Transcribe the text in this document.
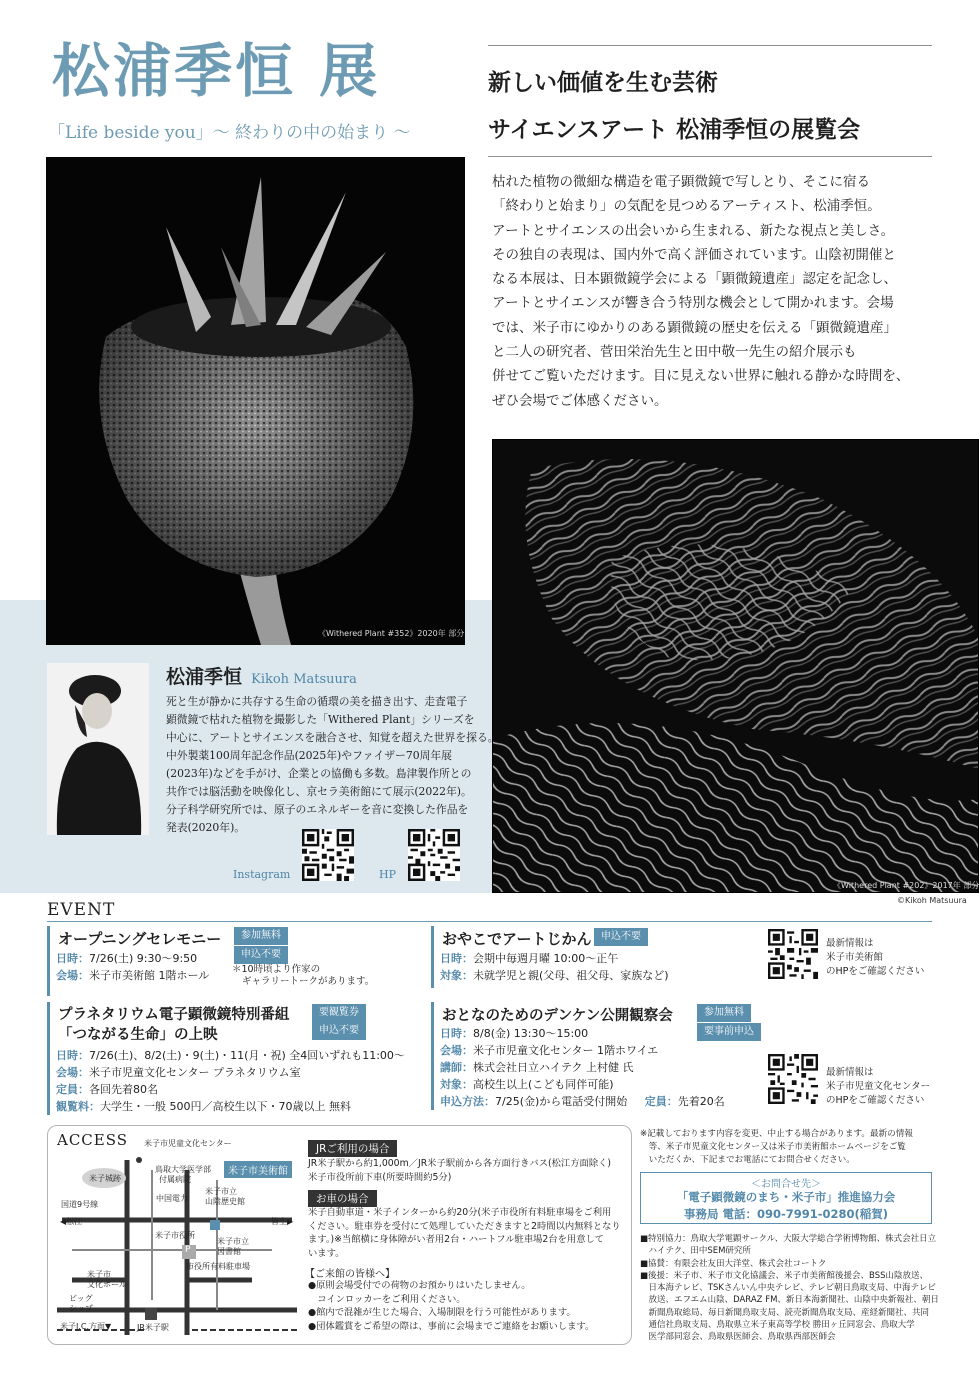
松浦季恒 展
「Life beside you」〜 終わりの中の始まり 〜
新しい価値を生む芸術
サイエンスアート 松浦季恒の展覧会
枯れた植物の微細な構造を電子顕微鏡で写しとり、そこに宿る
「終わりと始まり」の気配を見つめるアーティスト、松浦季恒。
アートとサイエンスの出会いから生まれる、新たな視点と美しさ。
その独自の表現は、国内外で高く評価されています。山陰初開催と
なる本展は、日本顕微鏡学会による「顕微鏡遺産」認定を記念し、
アートとサイエンスが響き合う特別な機会として開かれます。会場
では、米子市にゆかりのある顕微鏡の歴史を伝える「顕微鏡遺産」
と二人の研究者、菅田栄治先生と田中敬一先生の紹介展示も
併せてご覧いただけます。目に見えない世界に触れる静かな時間を、
ぜひ会場でご体感ください。
《Withered Plant #352》2020年 部分
《Withered Plant #202》2017年 部分
©Kikoh Matsuura
松浦季恒 Kikoh Matsuura
死と生が静かに共存する生命の循環の美を描き出す、走査電子
顕微鏡で枯れた植物を撮影した「Withered Plant」シリーズを
中心に、アートとサイエンスを融合させ、知覚を超えた世界を探る。
中外製薬100周年記念作品(2025年)やファイザー70周年展
(2023年)などを手がけ、企業との協働も多数。島津製作所との
共作では脳活動を映像化し、京セラ美術館にて展示(2022年)。
分子科学研究所では、原子のエネルギーを音に変換した作品を
発表(2020年)。
Instagram	HP
EVENT
オープニングセレモニー	参加無料
申込不要
日時：7/26(土) 9:30〜9:50
会場：米子市美術館 1階ホール ＊10時頃より作家の
ギャラリートークがあります。
おやこでアートじかん 申込不要
日時：会期中毎週月曜 10:00〜正午
対象：未就学児と親(父母、祖父母、家族など)
最新情報は
米子市美術館
のHPをご確認ください
プラネタリウム電子顕微鏡特別番組
「つながる生命」の上映
要観覧券
申込不要
日時：7/26(土)、8/2(土)・9(土)・11(月・祝) 全4回いずれも11:00〜
会場：米子市児童文化センター プラネタリウム室
定員：各回先着80名
観覧料：大学生・一般 500円／高校生以下・70歳以上 無料
おとなのためのデンケン公開観察会	参加無料
要事前申込
日時：8/8(金) 13:30〜15:00
会場：米子市児童文化センター 1階ホワイエ
講師：株式会社日立ハイテク 上村健 氏
対象：高校生以上(こども同伴可能)
申込方法：7/25(金)から電話受付開始 定員：先着20名
最新情報は
米子市児童文化センター
のHPをご確認ください
ACCESS 米子市児童文化センター
米子城跡
鳥取大学医学部
付属病院
中国電力
米子市美術館
米子市立
山陰歴史館
国道9号線
◀松江	皆生▶
米子市役所
米子市立
図書館
P
市役所有料駐車場
米子市
文化ホール
ビッグ
シップ
米子I.C.方面▼	JR米子駅
JRご利用の場合
JR米子駅から約1,000m／JR米子駅前から各方面行きバス(松江方面除く)
米子市役所前下車(所要時間約5分)
お車の場合
米子自動車道・米子インターから約20分(米子市役所有料駐車場をご利用
ください。駐車券を受付にて処理していただきますと2時間以内無料となり
ます。)※当館横に身体障がい者用2台・ハートフル駐車場2台を用意して
います。
【ご来館の皆様へ】
●原則会場受付での荷物のお預かりはいたしません。
　コインロッカーをご利用ください。
●館内で混雑が生じた場合、入場制限を行う可能性があります。
●団体鑑賞をご希望の際は、事前に会場までご連絡をお願いします。
※記載しております内容を変更、中止する場合があります。最新の情報
　等、米子市児童文化センター又は米子市美術館ホームページをご覧
　いただくか、下記までお電話にてお問合せください。
＜お問合せ先＞
「電子顕微鏡のまち・米子市」推進協力会
事務局 電話：090-7991-0280(稲賀)
■特別協力：鳥取大学電顕サークル、大阪大学総合学術博物館、株式会社日立
　ハイテク、田中SEM研究所
■協賛：有限会社友田大洋堂、株式会社コートク
■後援：米子市、米子市文化協議会、米子市美術館後援会、BSS山陰放送、
　日本海テレビ、TSKさんいん中央テレビ、テレビ朝日鳥取支局、中海テレビ
　放送、エフエム山陰、DARAZ FM、新日本海新聞社、山陰中央新報社、朝日
　新聞鳥取総局、毎日新聞鳥取支局、読売新聞鳥取支局、産経新聞社、共同
　通信社鳥取支局、鳥取県立米子東高等学校 勝田ヶ丘同窓会、鳥取大学
　医学部同窓会、鳥取県医師会、鳥取県西部医師会
